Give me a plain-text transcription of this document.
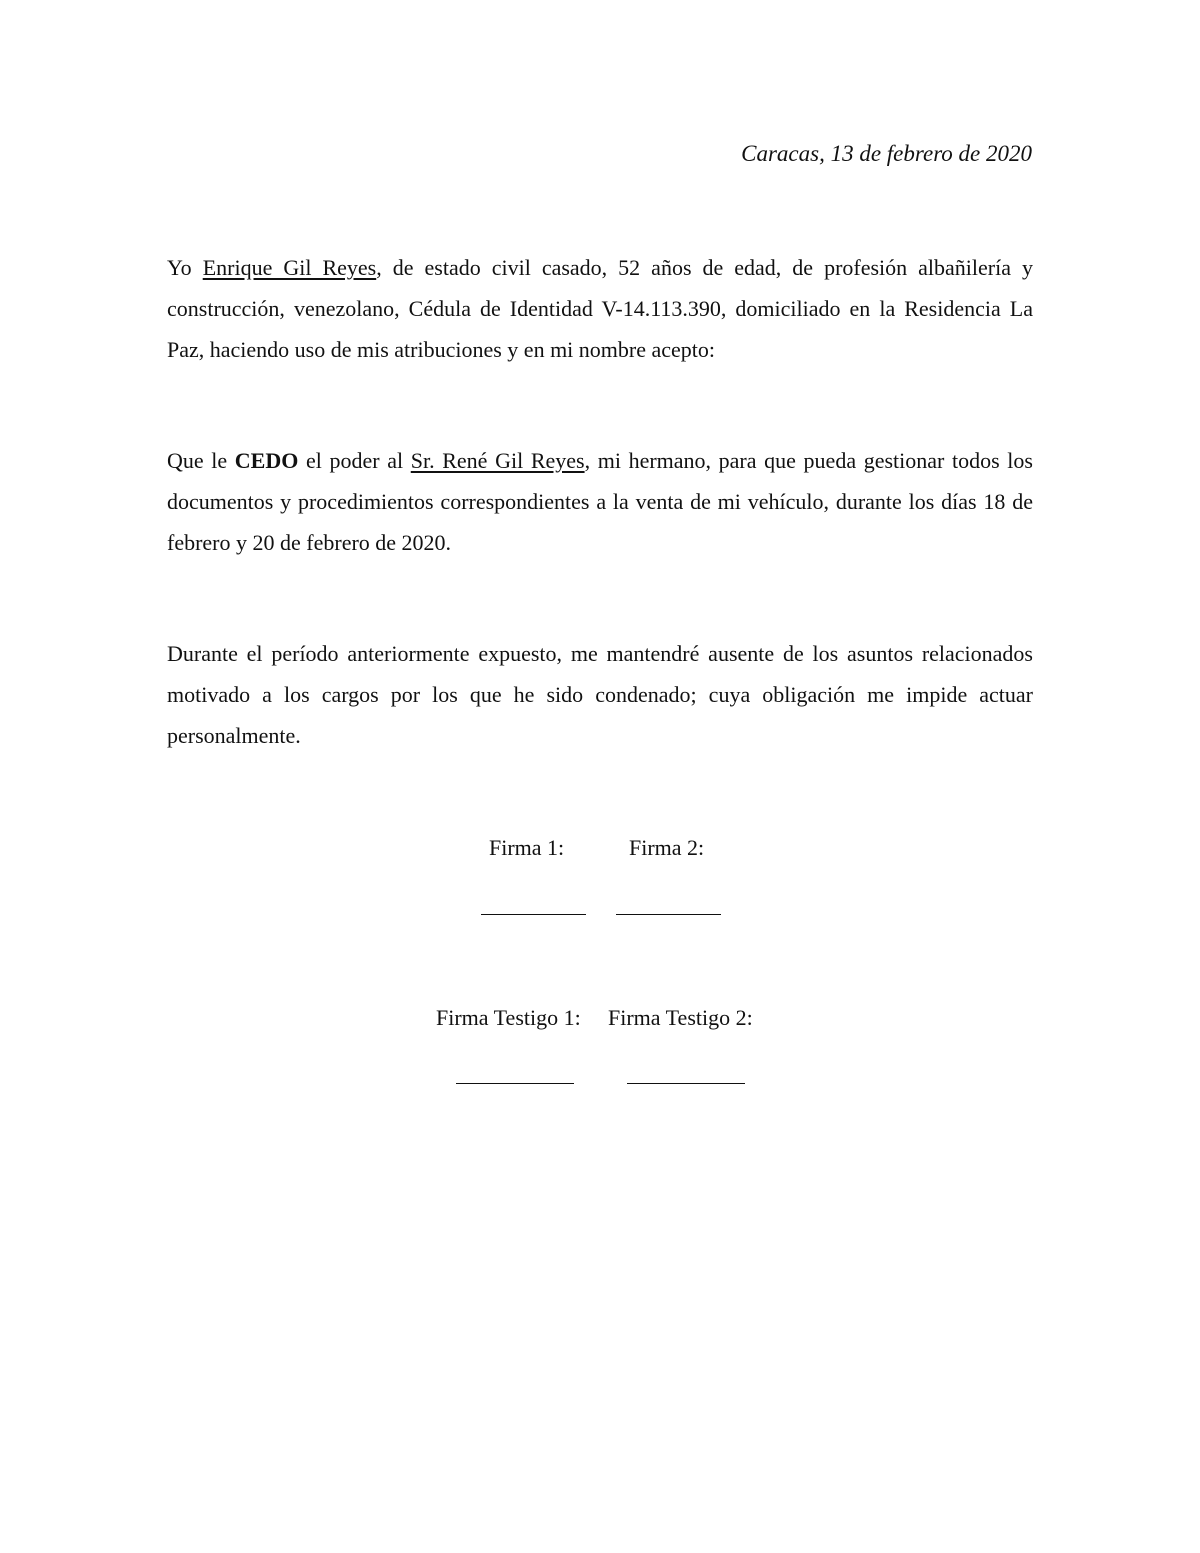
Caracas, 13 de febrero de 2020

Yo Enrique Gil Reyes, de estado civil casado, 52 años de edad, de profesión albañilería y construcción, venezolano, Cédula de Identidad V-14.113.390, domiciliado en la Residencia La Paz, haciendo uso de mis atribuciones y en mi nombre acepto:

Que le CEDO el poder al Sr. René Gil Reyes, mi hermano, para que pueda gestionar todos los documentos y procedimientos correspondientes a la venta de mi vehículo, durante los días 18 de febrero y 20 de febrero de 2020.

Durante el período anteriormente expuesto, me mantendré ausente de los asuntos relacionados motivado a los cargos por los que he sido condenado; cuya obligación me impide actuar personalmente.

Firma 1:	Firma 2:
Firma Testigo 1: Firma Testigo 2:
